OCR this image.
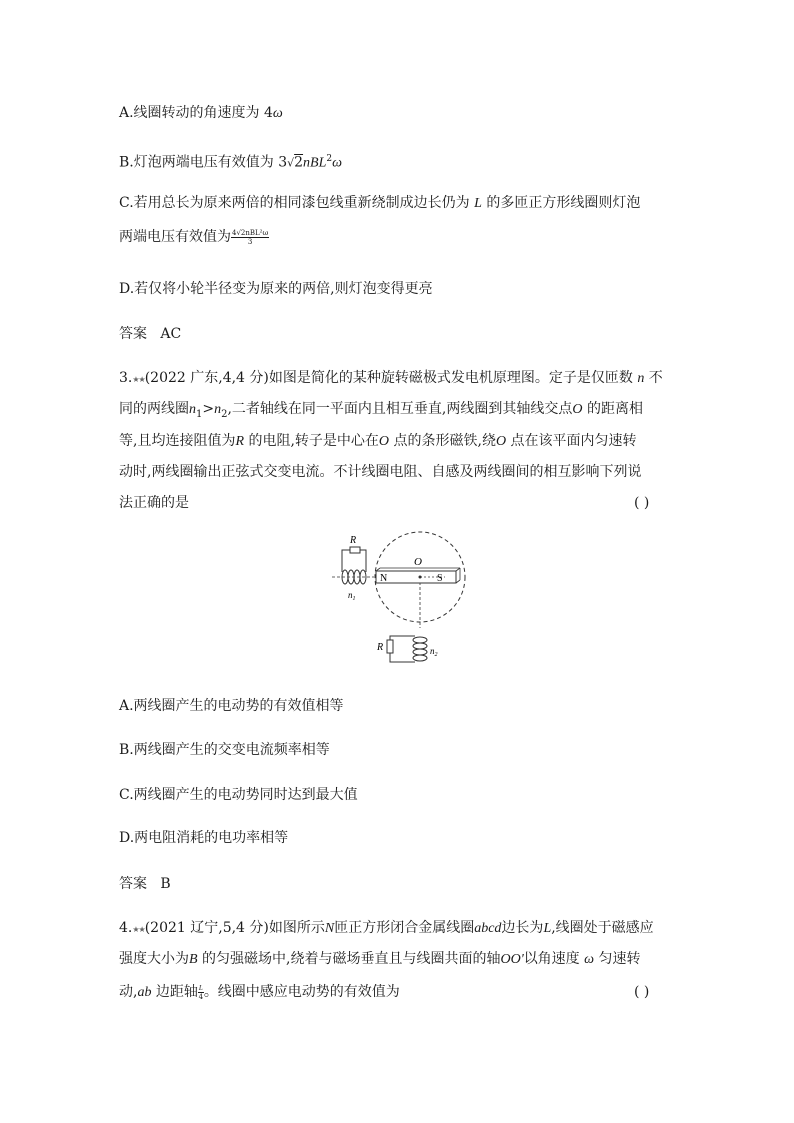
A.线圈转动的角速度为 4ω
B.灯泡两端电压有效值为 3√2nBL$^2$ω
C.若用总长为原来两倍的相同漆包线重新绕制成边长仍为 L 的多匝正方形线圈则灯泡
两端电压有效值为 $\frac{\text{4√2nBL²ω}}{3}$
D.若仅将小轮半径变为原来的两倍,则灯泡变得更亮
答案 AC
3.★★(2022 广东,4,4 分)如图是简化的某种旋转磁极式发电机原理图。定子是仅匝数 n 不
同的两线圈$n_1>n_2$,二者轴线在同一平面内且相互垂直,两线圈到其轴线交点O 的距离相
等,且均连接阻值为R 的电阻,转子是中心在O 点的条形磁铁,绕O 点在该平面内匀速转
动时,两线圈输出正弦式交变电流。不计线圈电阻、自感及两线圈间的相互影响下列说
法正确的是	( )
N	S
O
R
$n_1$
R	$n_2$
A.两线圈产生的电动势的有效值相等
B.两线圈产生的交变电流频率相等
C.两线圈产生的电动势同时达到最大值
D.两电阻消耗的电功率相等
答案 B
4.★★(2021 辽宁,5,4 分)如图所示N匝正方形闭合金属线圈abcd边长为L,线圈处于磁感应
强度大小为B 的匀强磁场中,绕着与磁场垂直且与线圈共面的轴OO'以角速度 ω 匀速转
动,ab 边距轴 $\frac{L}{4}$ 。线圈中感应电动势的有效值为	( )
